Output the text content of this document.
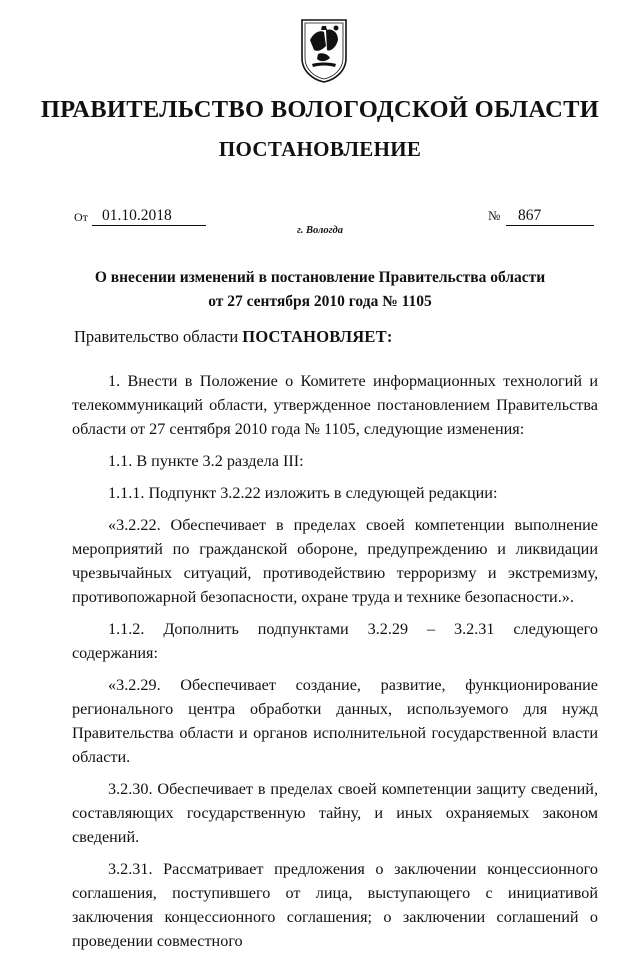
ПРАВИТЕЛЬСТВО ВОЛОГОДСКОЙ ОБЛАСТИ
ПОСТАНОВЛЕНИЕ
От 01.10.2018	№	867
г. Вологда
О внесении изменений в постановление Правительства области
от 27 сентября 2010 года № 1105
Правительство области ПОСТАНОВЛЯЕТ:

1. Внести в Положение о Комитете информационных технологий и телекоммуникаций области, утвержденное постановлением Правительства области от 27 сентября 2010 года № 1105, следующие изменения:

1.1. В пункте 3.2 раздела III:

1.1.1. Подпункт 3.2.22 изложить в следующей редакции:

«3.2.22. Обеспечивает в пределах своей компетенции выполнение мероприятий по гражданской обороне, предупреждению и ликвидации чрезвычайных ситуаций, противодействию терроризму и экстремизму, противопожарной безопасности, охране труда и технике безопасности.».

1.1.2. Дополнить подпунктами 3.2.29 – 3.2.31 следующего содержания:

«3.2.29. Обеспечивает создание, развитие, функционирование регионального центра обработки данных, используемого для нужд Правительства области и органов исполнительной государственной власти области.

3.2.30. Обеспечивает в пределах своей компетенции защиту сведений, составляющих государственную тайну, и иных охраняемых законом сведений.

3.2.31. Рассматривает предложения о заключении концессионного соглашения, поступившего от лица, выступающего с инициативой заключения концессионного соглашения; о заключении соглашений о проведении совместного
